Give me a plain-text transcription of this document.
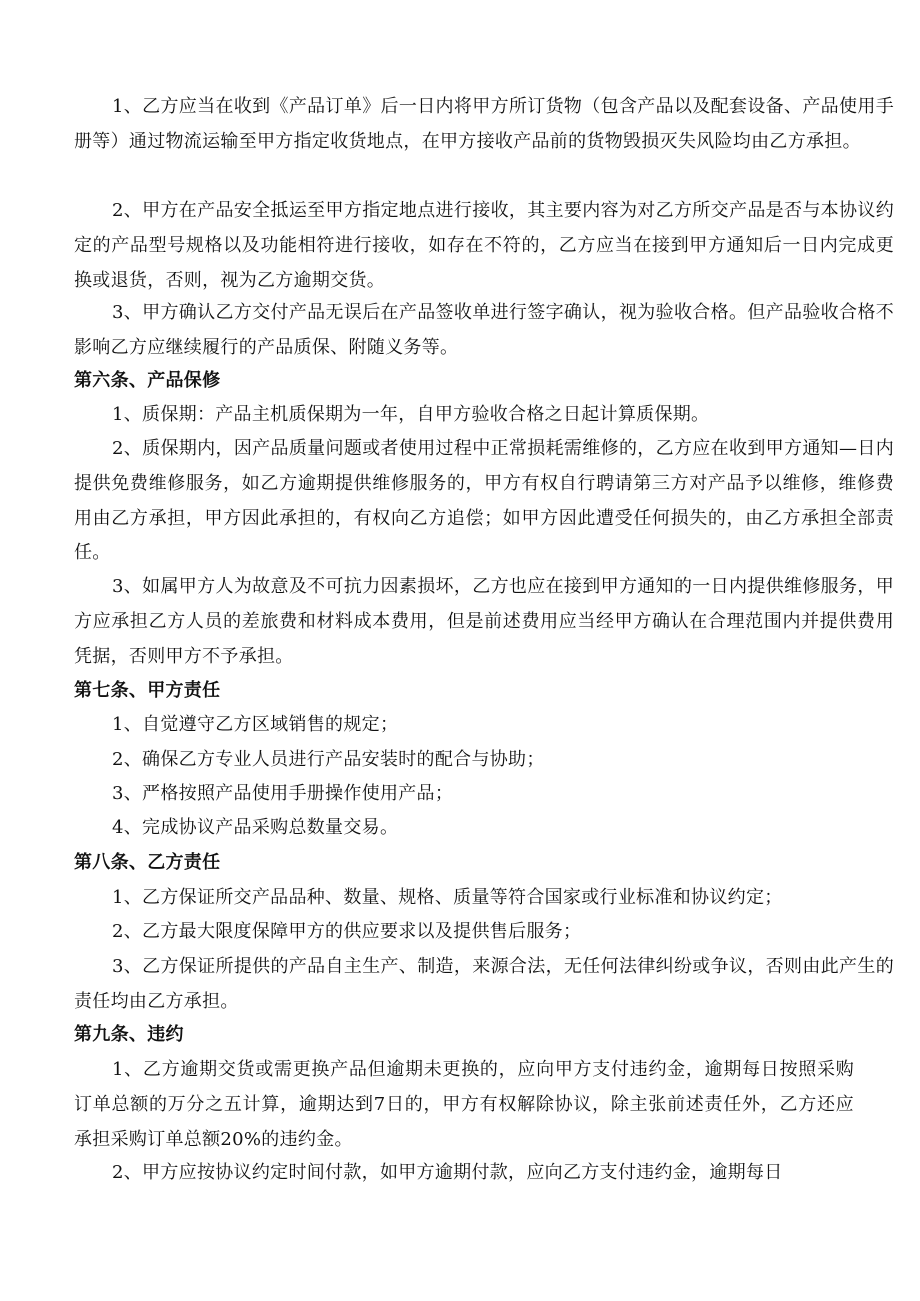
1、乙方应当在收到《产品订单》后一日内将甲方所订货物（包含产品以及配套设备、产品使用手册等）通过物流运输至甲方指定收货地点，在甲方接收产品前的货物毁损灭失风险均由乙方承担。

2、甲方在产品安全抵运至甲方指定地点进行接收，其主要内容为对乙方所交产品是否与本协议约定的产品型号规格以及功能相符进行接收，如存在不符的，乙方应当在接到甲方通知后一日内完成更换或退货，否则，视为乙方逾期交货。

3、甲方确认乙方交付产品无误后在产品签收单进行签字确认，视为验收合格。但产品验收合格不影响乙方应继续履行的产品质保、附随义务等。

第六条、产品保修

1、质保期：产品主机质保期为一年，自甲方验收合格之日起计算质保期。

2、质保期内，因产品质量问题或者使用过程中正常损耗需维修的，乙方应在收到甲方通知—日内提供免费维修服务，如乙方逾期提供维修服务的，甲方有权自行聘请第三方对产品予以维修，维修费用由乙方承担，甲方因此承担的，有权向乙方追偿；如甲方因此遭受任何损失的，由乙方承担全部责任。

3、如属甲方人为故意及不可抗力因素损坏，乙方也应在接到甲方通知的一日内提供维修服务，甲方应承担乙方人员的差旅费和材料成本费用，但是前述费用应当经甲方确认在合理范围内并提供费用凭据，否则甲方不予承担。

第七条、甲方责任

1、自觉遵守乙方区域销售的规定；

2、确保乙方专业人员进行产品安装时的配合与协助；

3、严格按照产品使用手册操作使用产品；

4、完成协议产品采购总数量交易。

第八条、乙方责任

1、乙方保证所交产品品种、数量、规格、质量等符合国家或行业标准和协议约定；

2、乙方最大限度保障甲方的供应要求以及提供售后服务；

3、乙方保证所提供的产品自主生产、制造，来源合法，无任何法律纠纷或争议，否则由此产生的责任均由乙方承担。

第九条、违约

1、乙方逾期交货或需更换产品但逾期未更换的，应向甲方支付违约金，逾期每日按照采购订单总额的万分之五计算，逾期达到7日的，甲方有权解除协议，除主张前述责任外，乙方还应承担采购订单总额20%的违约金。

2、甲方应按协议约定时间付款，如甲方逾期付款，应向乙方支付违约金，逾期每日
